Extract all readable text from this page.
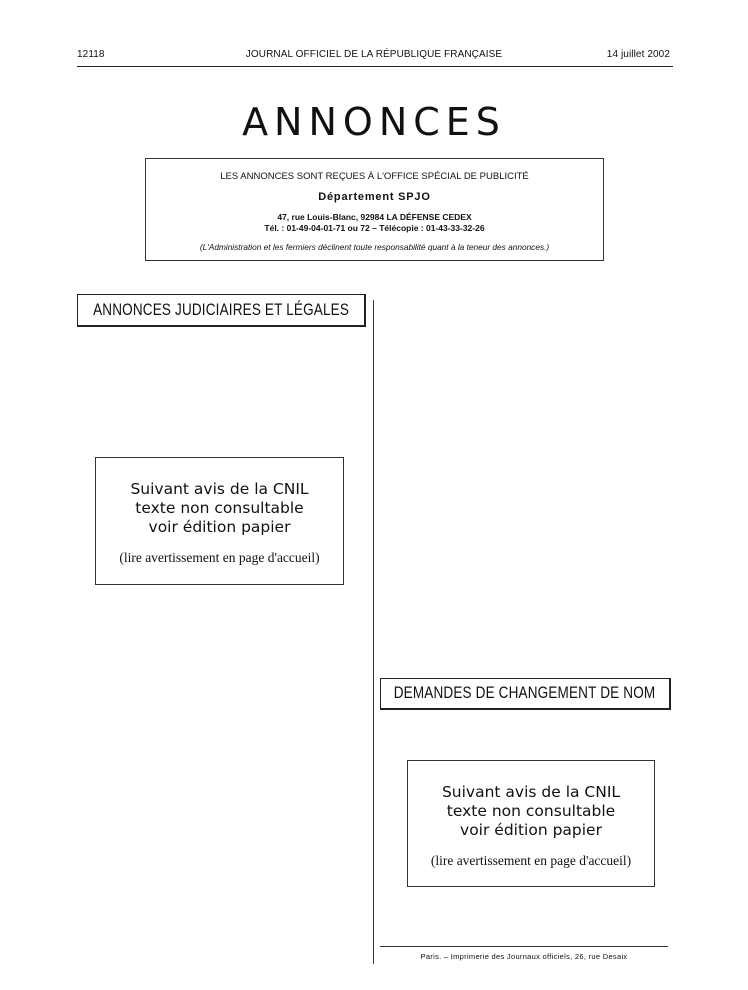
12118	JOURNAL OFFICIEL DE LA RÉPUBLIQUE FRANÇAISE	14 juillet 2002
ANNONCES
LES ANNONCES SONT REÇUES À L'OFFICE SPÉCIAL DE PUBLICITÉ
Département SPJO
47, rue Louis-Blanc, 92984 LA DÉFENSE CEDEX
Tél. : 01-49-04-01-71 ou 72 – Télécopie : 01-43-33-32-26
(L'Administration et les fermiers déclinent toute responsabilité quant à la teneur des annonces.)
ANNONCES JUDICIAIRES ET LÉGALES
Suivant avis de la CNIL
texte non consultable
voir édition papier
(lire avertissement en page d'accueil)
DEMANDES DE CHANGEMENT DE NOM
Suivant avis de la CNIL
texte non consultable
voir édition papier
(lire avertissement en page d'accueil)
Paris. – Imprimerie des Journaux officiels, 26, rue Desaix
